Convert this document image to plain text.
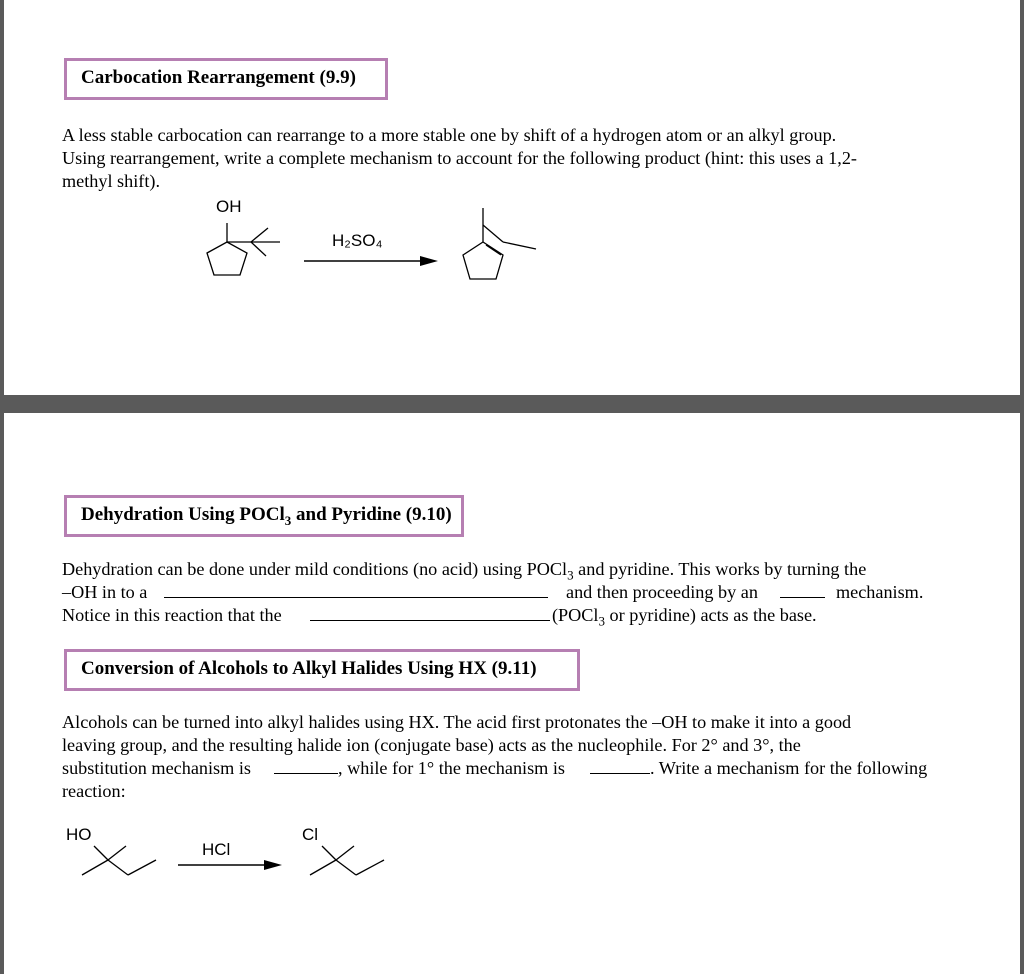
Carbocation Rearrangement (9.9)
A less stable carbocation can rearrange to a more stable one by shift of a hydrogen atom or an alkyl group.
Using rearrangement, write a complete mechanism to account for the following product (hint: this uses a 1,2-
methyl shift).
OH
H₂SO₄
Dehydration Using POCl$_3$ and Pyridine (9.10)
Dehydration can be done under mild conditions (no acid) using POCl$_3$ and pyridine. This works by turning the
–OH in to a	and then proceeding by an	mechanism.
Notice in this reaction that the	(POCl$_3$ or pyridine) acts as the base.
Conversion of Alcohols to Alkyl Halides Using HX (9.11)
Alcohols can be turned into alkyl halides using HX. The acid first protonates the –OH to make it into a good
leaving group, and the resulting halide ion (conjugate base) acts as the nucleophile. For 2° and 3°, the
substitution mechanism is	, while for 1° the mechanism is	. Write a mechanism for the following
reaction:
HO
HCl
Cl
